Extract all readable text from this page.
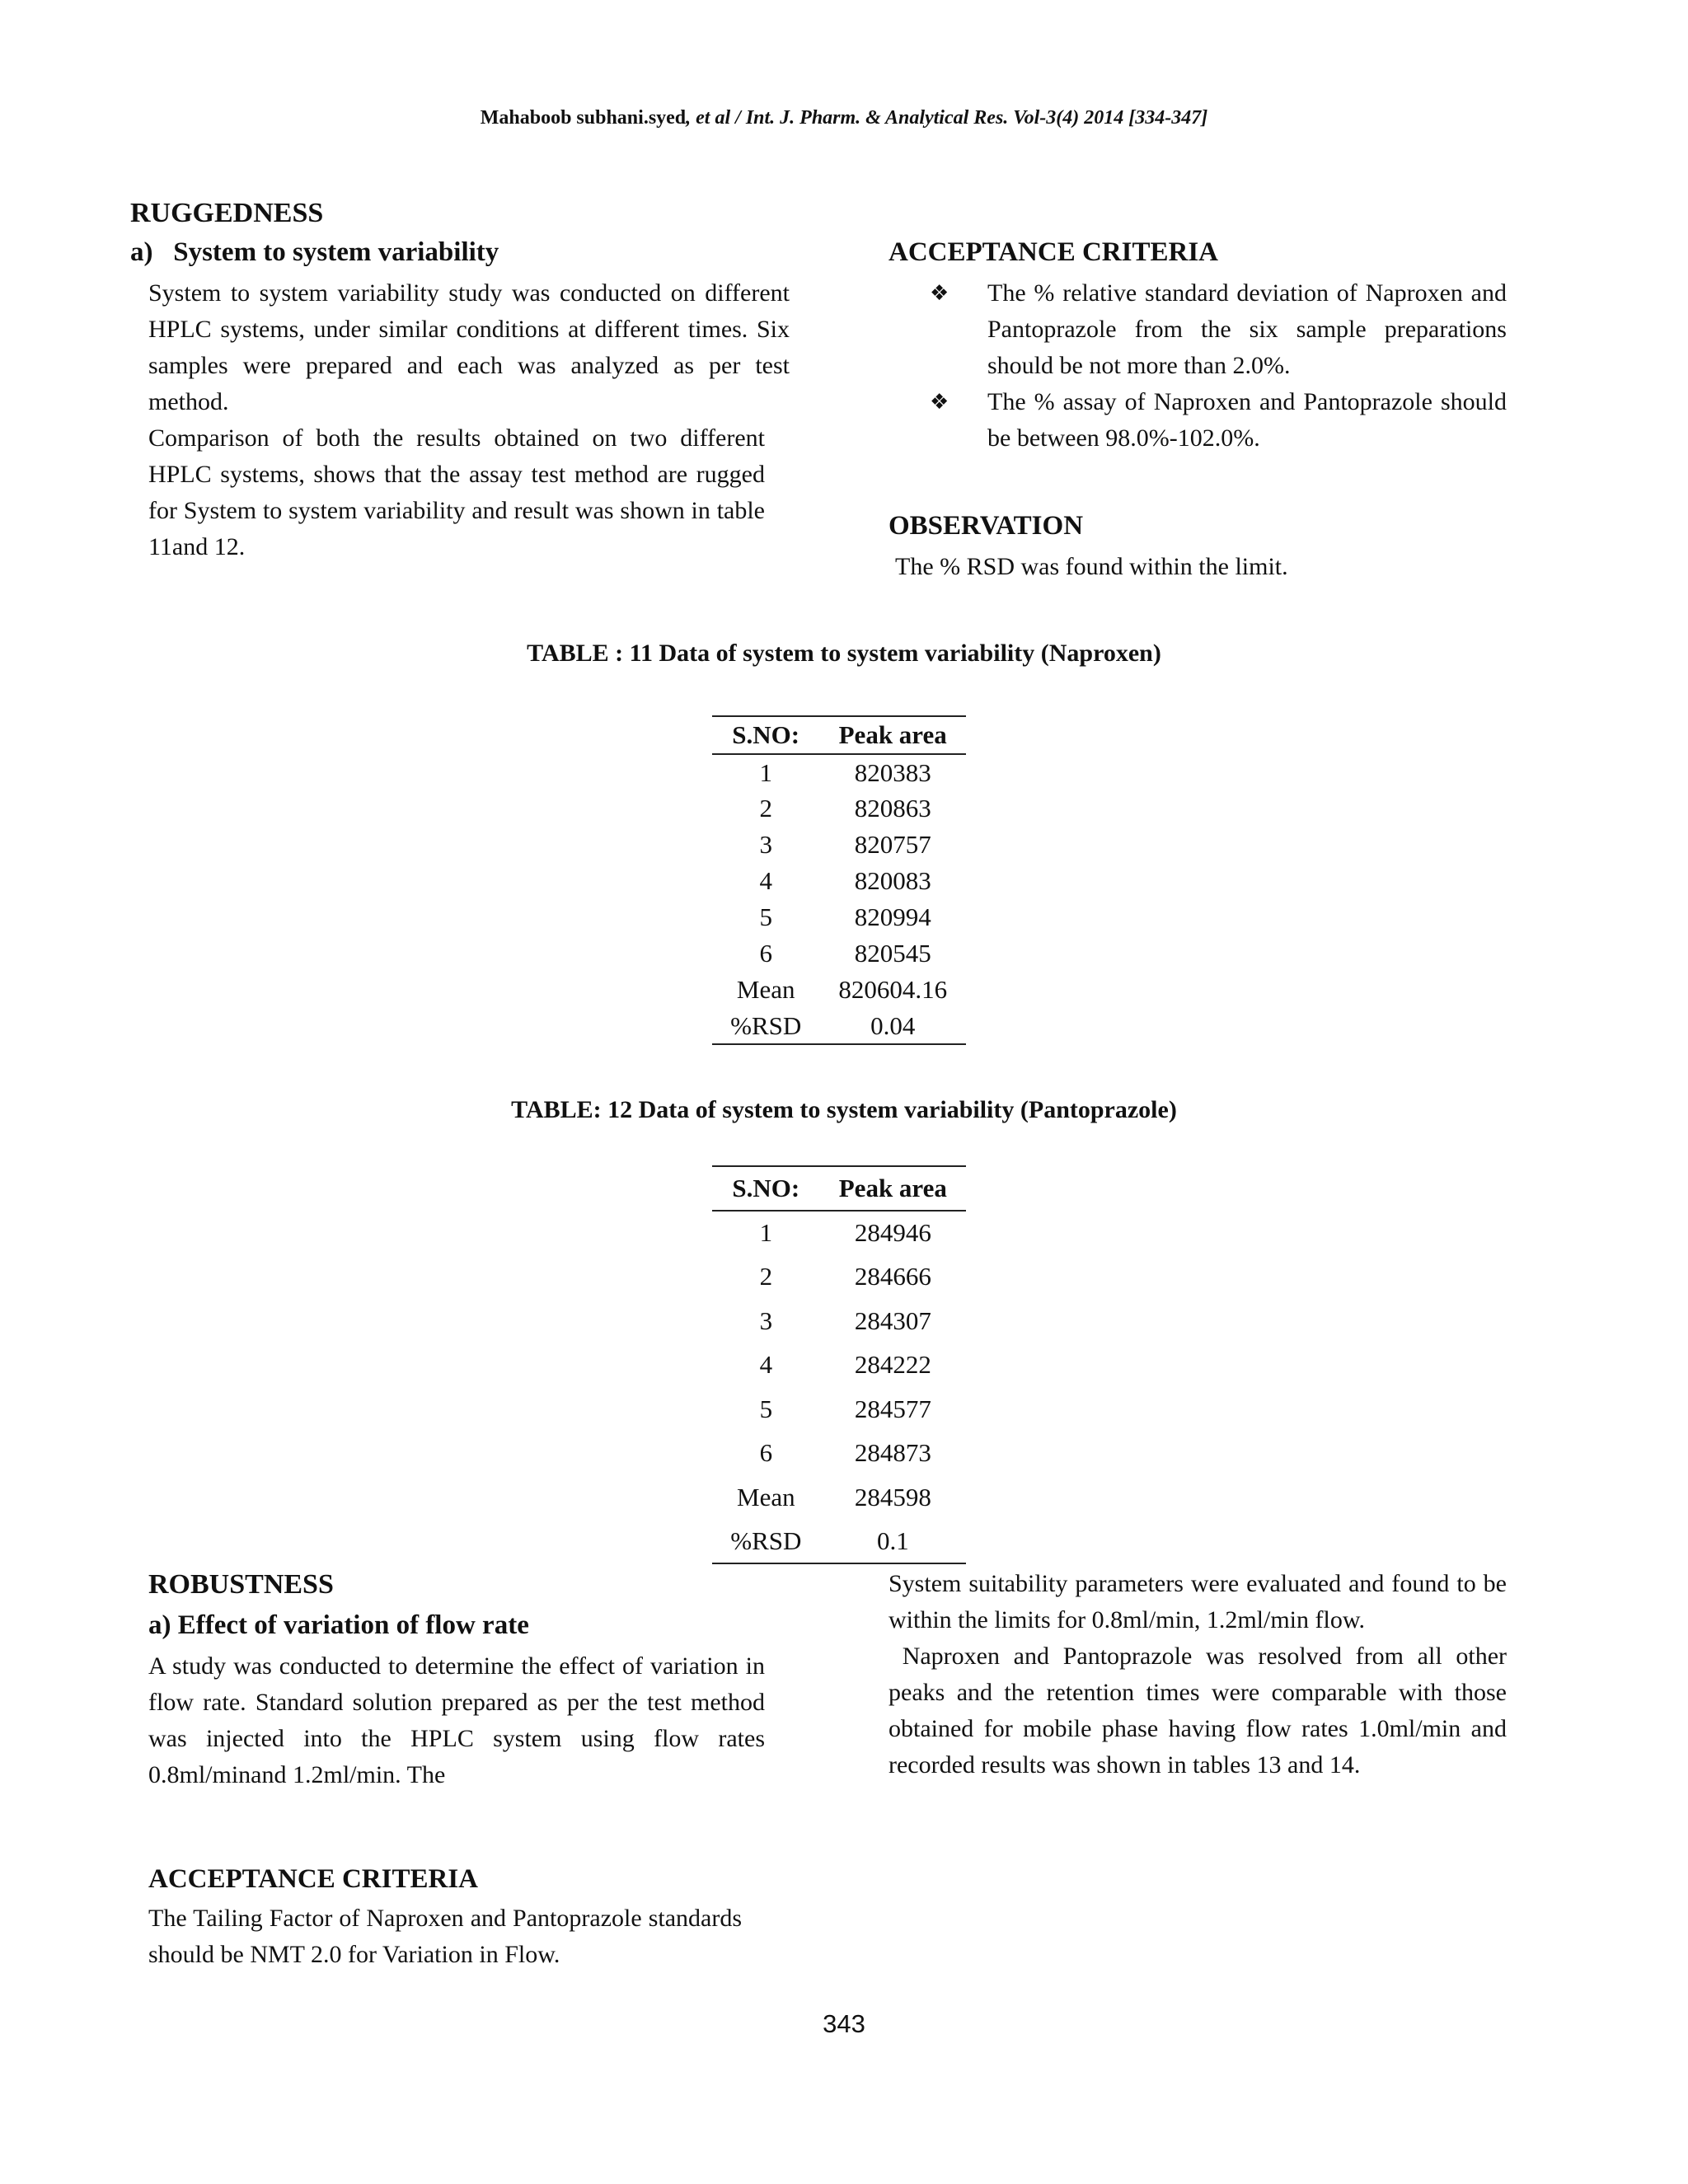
Mahaboob subhani.syed, et al / Int. J. Pharm. & Analytical Res. Vol-3(4) 2014 [334-347]
RUGGEDNESS
a)   System to system variability
System to system variability study was conducted on different HPLC systems, under similar conditions at different times. Six samples were prepared and each was analyzed as per test method.
Comparison of both the results obtained on two different HPLC systems, shows that the assay test method are rugged for System to system variability and result was shown in table 11and 12.
ACCEPTANCE CRITERIA
❖ The % relative standard deviation of Naproxen and Pantoprazole from the six sample preparations should be not more than 2.0%.
❖ The % assay of Naproxen and Pantoprazole should be between 98.0%-102.0%.
OBSERVATION
The % RSD was found within the limit.
TABLE : 11 Data of system to system variability (Naproxen)
S.NO:	Peak area
1	820383
2	820863
3	820757
4	820083
5	820994
6	820545
Mean	820604.16
%RSD	0.04
TABLE: 12 Data of system to system variability (Pantoprazole)
S.NO:	Peak area
1	284946
2	284666
3	284307
4	284222
5	284577
6	284873
Mean	284598
%RSD	0.1
ROBUSTNESS
a) Effect of variation of flow rate
A study was conducted to determine the effect of variation in flow rate. Standard solution prepared as per the test method was injected into the HPLC system using flow rates 0.8ml/minand 1.2ml/min. The
System suitability parameters were evaluated and found to be within the limits for 0.8ml/min, 1.2ml/min flow.
Naproxen and Pantoprazole was resolved from all other peaks and the retention times were comparable with those obtained for mobile phase having flow rates 1.0ml/min and  recorded results was shown in tables 13 and 14.
ACCEPTANCE CRITERIA
The Tailing Factor of Naproxen and Pantoprazole standards should be NMT 2.0 for Variation in Flow.
343
